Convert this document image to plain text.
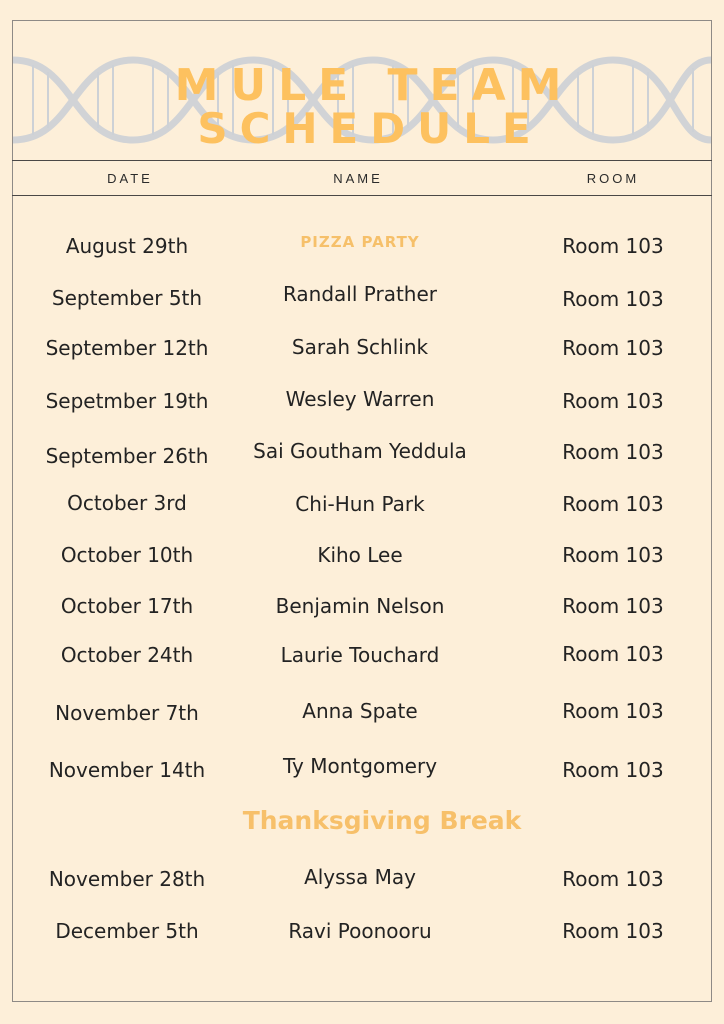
MULE TEAM
SCHEDULE
DATE	NAME	ROOM
August 29th	PIZZA PARTY	Room 103
September 5th	Randall Prather	Room 103
September 12th	Sarah Schlink	Room 103
Sepetmber 19th	Wesley Warren	Room 103
September 26th	Sai Goutham Yeddula	Room 103
October 3rd	Chi-Hun Park	Room 103
October 10th	Kiho Lee	Room 103
October 17th	Benjamin Nelson	Room 103
October 24th	Laurie Touchard	Room 103
November 7th	Anna Spate	Room 103
November 14th	Ty Montgomery	Room 103
Thanksgiving Break
November 28th	Alyssa May	Room 103
December 5th	Ravi Poonooru	Room 103
